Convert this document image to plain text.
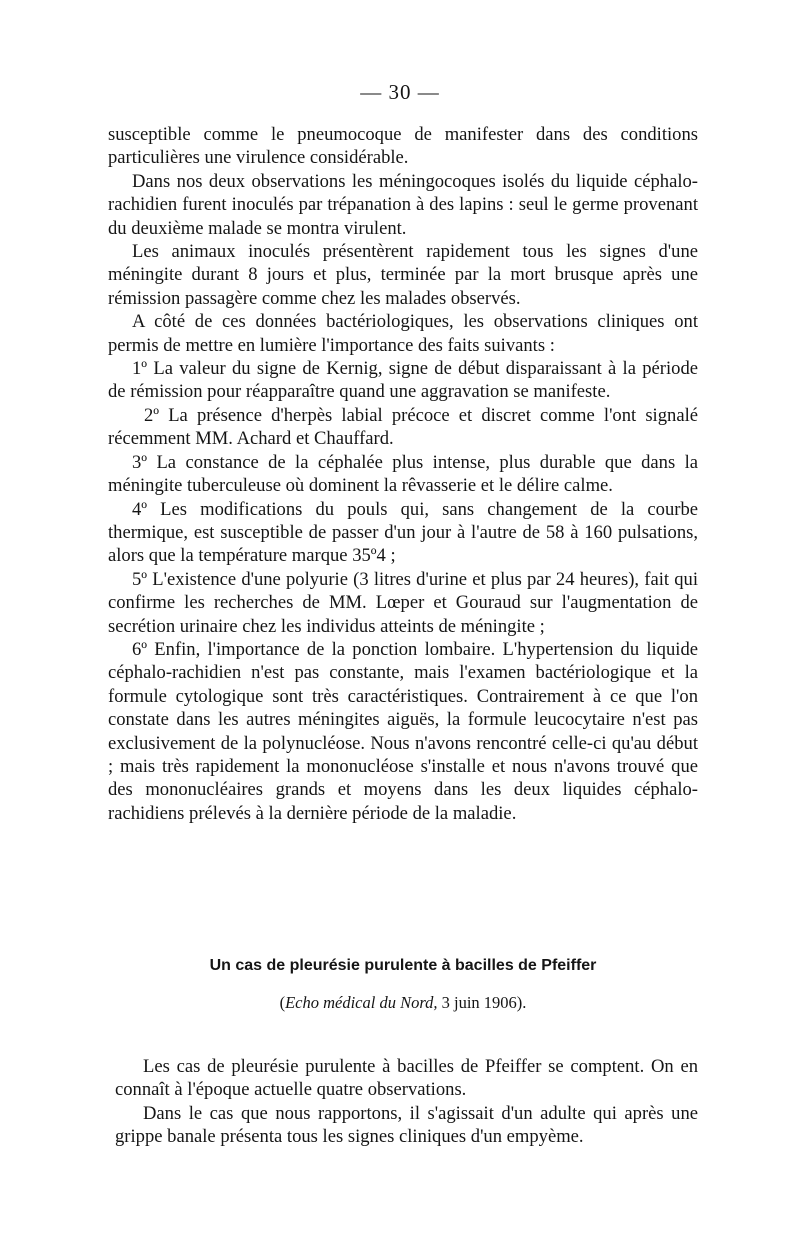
— 30 —

susceptible comme le pneumocoque de manifester dans des conditions particulières une virulence considérable.

Dans nos deux observations les méningocoques isolés du liquide céphalo-rachidien furent inoculés par trépanation à des lapins : seul le germe provenant du deuxième malade se montra virulent.

Les animaux inoculés présentèrent rapidement tous les signes d'une méningite durant 8 jours et plus, terminée par la mort brusque après une rémission passagère comme chez les malades observés.

A côté de ces données bactériologiques, les observations cliniques ont permis de mettre en lumière l'importance des faits suivants :

1º La valeur du signe de Kernig, signe de début disparaissant à la période de rémission pour réapparaître quand une aggravation se manifeste.

2º La présence d'herpès labial précoce et discret comme l'ont signalé récemment MM. Achard et Chauffard.

3º La constance de la céphalée plus intense, plus durable que dans la méningite tuberculeuse où dominent la rêvasserie et le délire calme.

4º Les modifications du pouls qui, sans changement de la courbe thermique, est susceptible de passer d'un jour à l'autre de 58 à 160 pulsations, alors que la température marque 35º4 ;

5º L'existence d'une polyurie (3 litres d'urine et plus par 24 heures), fait qui confirme les recherches de MM. Lœper et Gouraud sur l'augmentation de secrétion urinaire chez les individus atteints de méningite ;

6º Enfin, l'importance de la ponction lombaire. L'hypertension du liquide céphalo-rachidien n'est pas constante, mais l'examen bactériologique et la formule cytologique sont très caractéristiques. Contrairement à ce que l'on constate dans les autres méningites aiguës, la formule leucocytaire n'est pas exclusivement de la polynucléose. Nous n'avons rencontré celle-ci qu'au début ; mais très rapidement la mononucléose s'installe et nous n'avons trouvé que des mononucléaires grands et moyens dans les deux liquides céphalo-rachidiens prélevés à la dernière période de la maladie.

Un cas de pleurésie purulente à bacilles de Pfeiffer
(Echo médical du Nord, 3 juin 1906).

Les cas de pleurésie purulente à bacilles de Pfeiffer se comptent. On en connaît à l'époque actuelle quatre observations.

Dans le cas que nous rapportons, il s'agissait d'un adulte qui après une grippe banale présenta tous les signes cliniques d'un empyème.
